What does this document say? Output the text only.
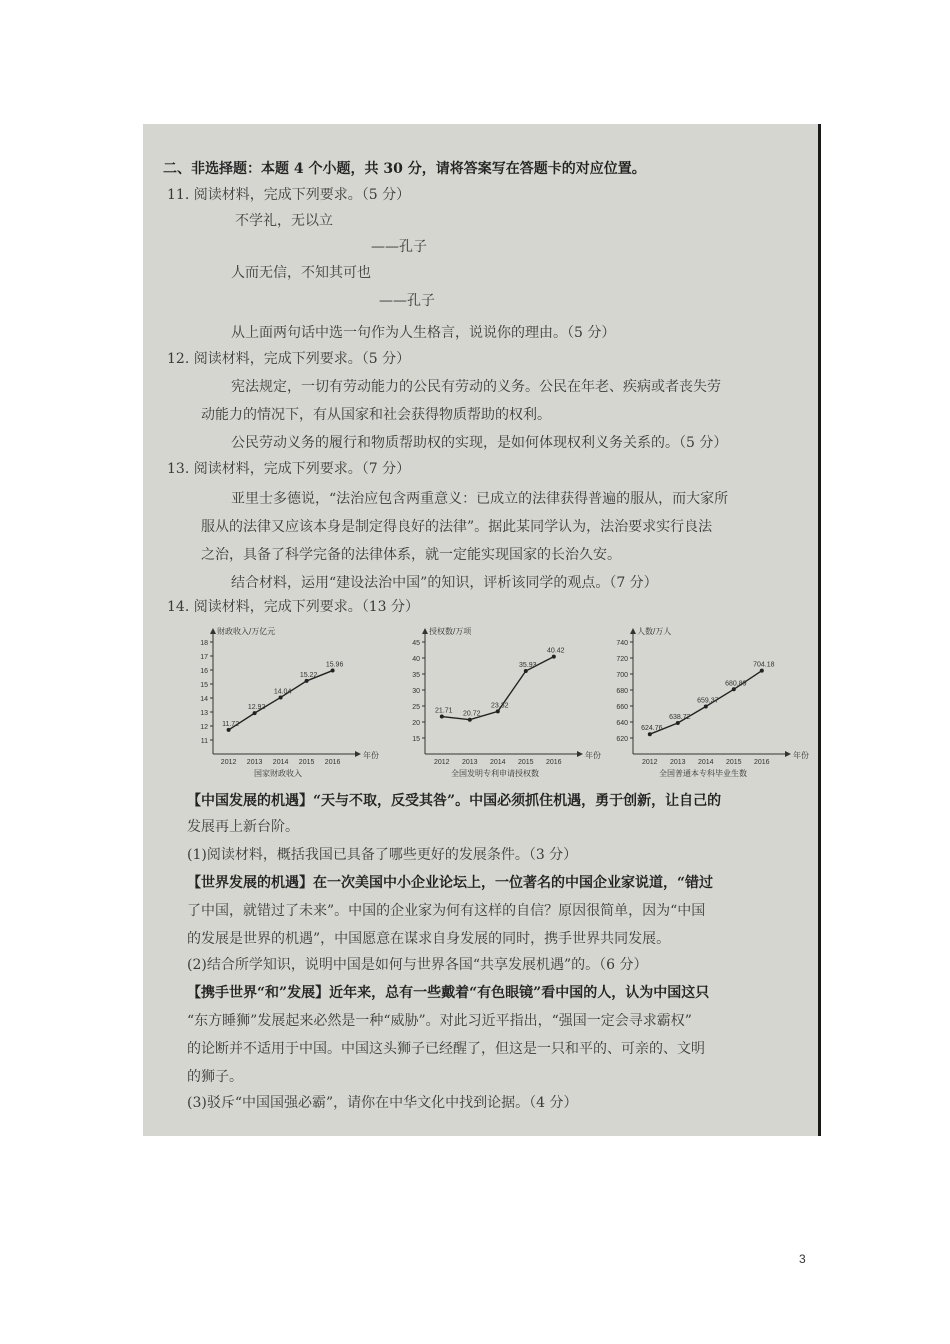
二、非选择题：本题 4 个小题，共 30 分，请将答案写在答题卡的对应位置。
11. 阅读材料，完成下列要求。（5 分）
不学礼，无以立
——孔子
人而无信，不知其可也
——孔子
从上面两句话中选一句作为人生格言，说说你的理由。（5 分）
12. 阅读材料，完成下列要求。（5 分）
宪法规定，一切有劳动能力的公民有劳动的义务。公民在年老、疾病或者丧失劳
动能力的情况下，有从国家和社会获得物质帮助的权利。
公民劳动义务的履行和物质帮助权的实现，是如何体现权利义务关系的。（5 分）
13. 阅读材料，完成下列要求。（7 分）
亚里士多德说，“法治应包含两重意义：已成立的法律获得普遍的服从，而大家所
服从的法律又应该本身是制定得良好的法律”。据此某同学认为，法治要求实行良法
之治，具备了科学完备的法律体系，就一定能实现国家的长治久安。
结合材料，运用“建设法治中国”的知识，评析该同学的观点。（7 分）
14. 阅读材料，完成下列要求。（13 分）
11
12
13
14
15
16
17
18
财政收入/万亿元
年份
2012 2013 2014 2015 2016
11.72
12.92
14.04
15.22
15.96
国家财政收入
15
20
25
30
35
40
45
授权数/万项
年份
2012 2013 2014 2015 2016
21.71 20.72
23.32
35.93
40.42
全国发明专利申请授权数
620
640
660
680
700
720
740
人数/万人
年份
2012 2013 2014 2015 2016
624.76
638.72
659.37
680.89
704.18
全国普通本专科毕业生数
【中国发展的机遇】“天与不取，反受其咎”。中国必须抓住机遇，勇于创新，让自己的
发展再上新台阶。
(1)阅读材料，概括我国已具备了哪些更好的发展条件。（3 分）
【世界发展的机遇】在一次美国中小企业论坛上，一位著名的中国企业家说道，“错过
了中国，就错过了未来”。中国的企业家为何有这样的自信？原因很简单，因为“中国
的发展是世界的机遇”，中国愿意在谋求自身发展的同时，携手世界共同发展。
(2)结合所学知识，说明中国是如何与世界各国“共享发展机遇”的。（6 分）
【携手世界“和”发展】近年来，总有一些戴着“有色眼镜”看中国的人，认为中国这只
“东方睡狮”发展起来必然是一种“威胁”。对此习近平指出，“强国一定会寻求霸权”
的论断并不适用于中国。中国这头狮子已经醒了，但这是一只和平的、可亲的、文明
的狮子。
(3)驳斥“中国国强必霸”，请你在中华文化中找到论据。（4 分）
3
